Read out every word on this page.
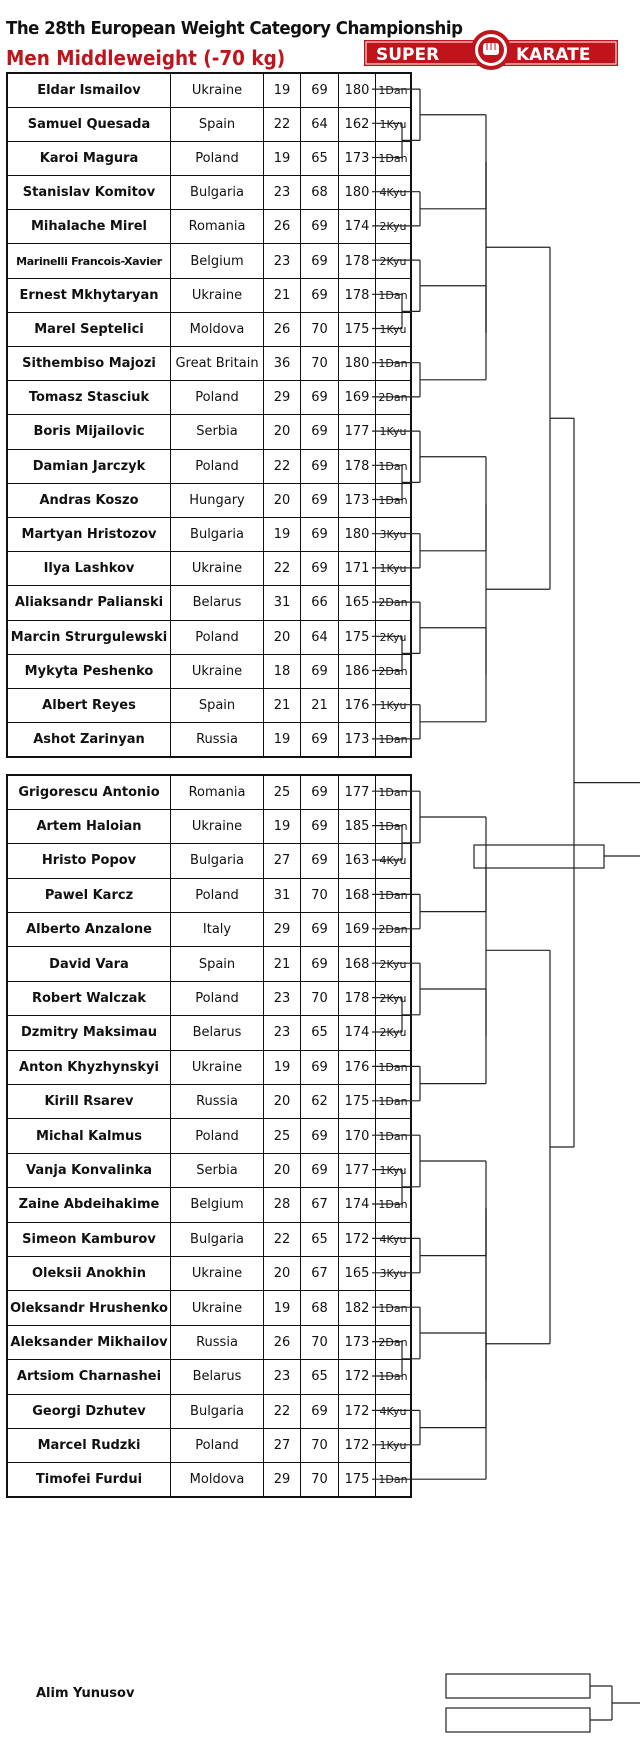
The 28th European Weight Category Championship
Men Middleweight (-70 kg)	SUPER	KARATE
Eldar Ismailov	Ukraine	19	69	180	1Dan
Samuel Quesada	Spain	22	64	162	1Kyu
Karoi Magura	Poland	19	65	173	1Dan
Stanislav Komitov	Bulgaria	23	68	180	4Kyu
Mihalache Mirel	Romania	26	69	174	2Kyu
Marinelli Francois-Xavier	Belgium	23	69	178	2Kyu
Ernest Mkhytaryan	Ukraine	21	69	178	1Dan
Marel Septelici	Moldova	26	70	175	1Kyu
Sithembiso Majozi	Great Britain	36	70	180	1Dan
Tomasz Stasciuk	Poland	29	69	169	2Dan
Boris Mijailovic	Serbia	20	69	177	1Kyu
Damian Jarczyk	Poland	22	69	178	1Dan
Andras Koszo	Hungary	20	69	173	1Dan
Martyan Hristozov	Bulgaria	19	69	180	3Kyu
Ilya Lashkov	Ukraine	22	69	171	1Kyu
Aliaksandr Palianski	Belarus	31	66	165	2Dan
Marcin Strurgulewski	Poland	20	64	175	2Kyu
Mykyta Peshenko	Ukraine	18	69	186	2Dan
Albert Reyes	Spain	21	21	176	1Kyu
Ashot Zarinyan	Russia	19	69	173	1Dan
Grigorescu Antonio	Romania	25	69	177	1Dan
Artem Haloian	Ukraine	19	69	185	1Dan
Hristo Popov	Bulgaria	27	69	163	4Kyu
Pawel Karcz	Poland	31	70	168	1Dan
Alberto Anzalone	Italy	29	69	169	2Dan
David Vara	Spain	21	69	168	2Kyu
Robert Walczak	Poland	23	70	178	2Kyu
Dzmitry Maksimau	Belarus	23	65	174	2Kyu
Anton Khyzhynskyi	Ukraine	19	69	176	1Dan
Kirill Rsarev	Russia	20	62	175	1Dan
Michal Kalmus	Poland	25	69	170	1Dan
Vanja Konvalinka	Serbia	20	69	177	1Kyu
Zaine Abdeihakime	Belgium	28	67	174	1Dan
Simeon Kamburov	Bulgaria	22	65	172	4Kyu
Oleksii Anokhin	Ukraine	20	67	165	3Kyu
Oleksandr Hrushenko	Ukraine	19	68	182	1Dan
Aleksander Mikhailov	Russia	26	70	173	2Dan
Artsiom Charnashei	Belarus	23	65	172	1Dan
Georgi Dzhutev	Bulgaria	22	69	172	4Kyu
Marcel Rudzki	Poland	27	70	172	1Kyu
Timofei Furdui	Moldova	29	70	175	1Dan
Alim Yunusov
